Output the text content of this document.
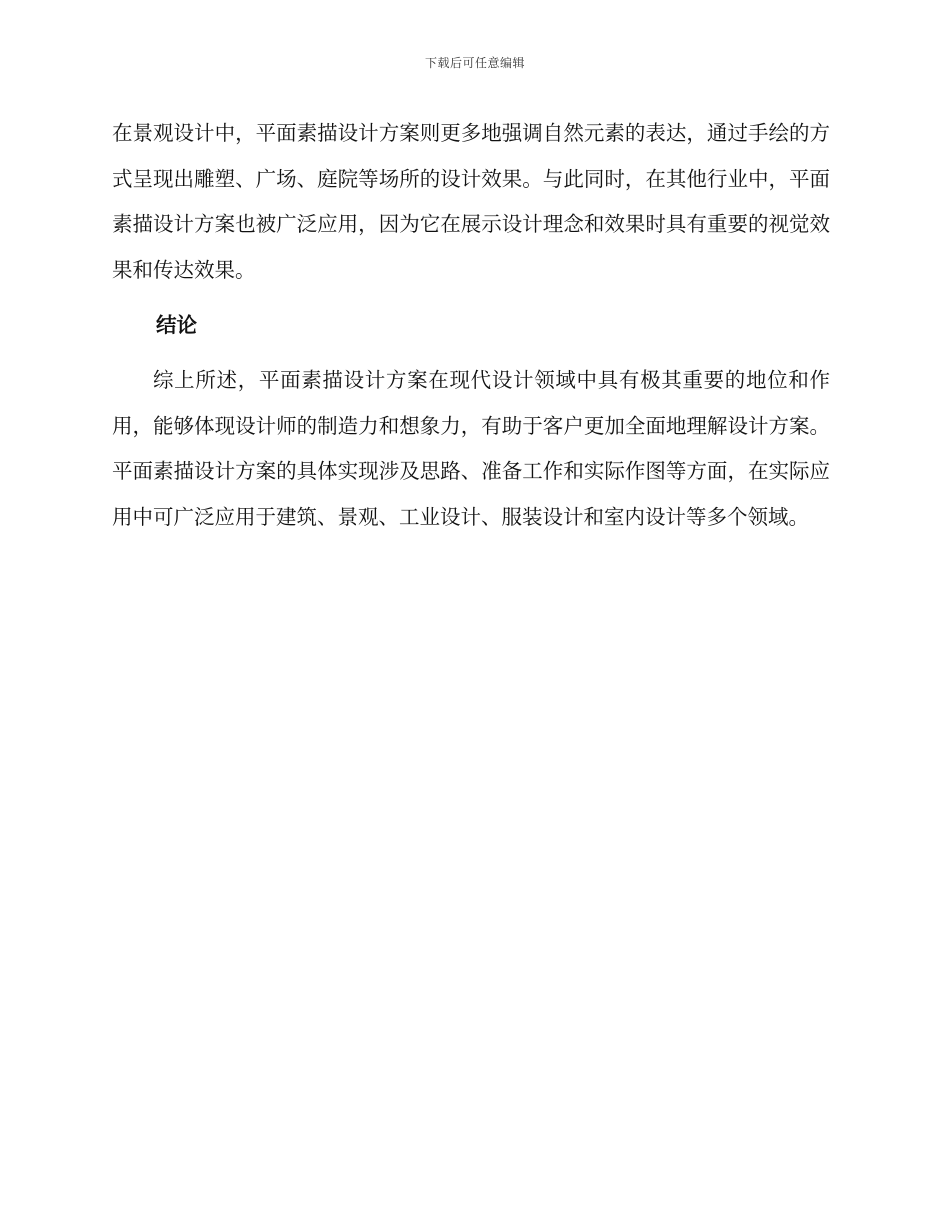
下载后可任意编辑

在景观设计中，平面素描设计方案则更多地强调自然元素的表达，通过手绘的方式呈现出雕塑、广场、庭院等场所的设计效果。与此同时，在其他行业中，平面素描设计方案也被广泛应用，因为它在展示设计理念和效果时具有重要的视觉效果和传达效果。

结论

综上所述，平面素描设计方案在现代设计领域中具有极其重要的地位和作用，能够体现设计师的制造力和想象力，有助于客户更加全面地理解设计方案。平面素描设计方案的具体实现涉及思路、准备工作和实际作图等方面，在实际应用中可广泛应用于建筑、景观、工业设计、服装设计和室内设计等多个领域。
